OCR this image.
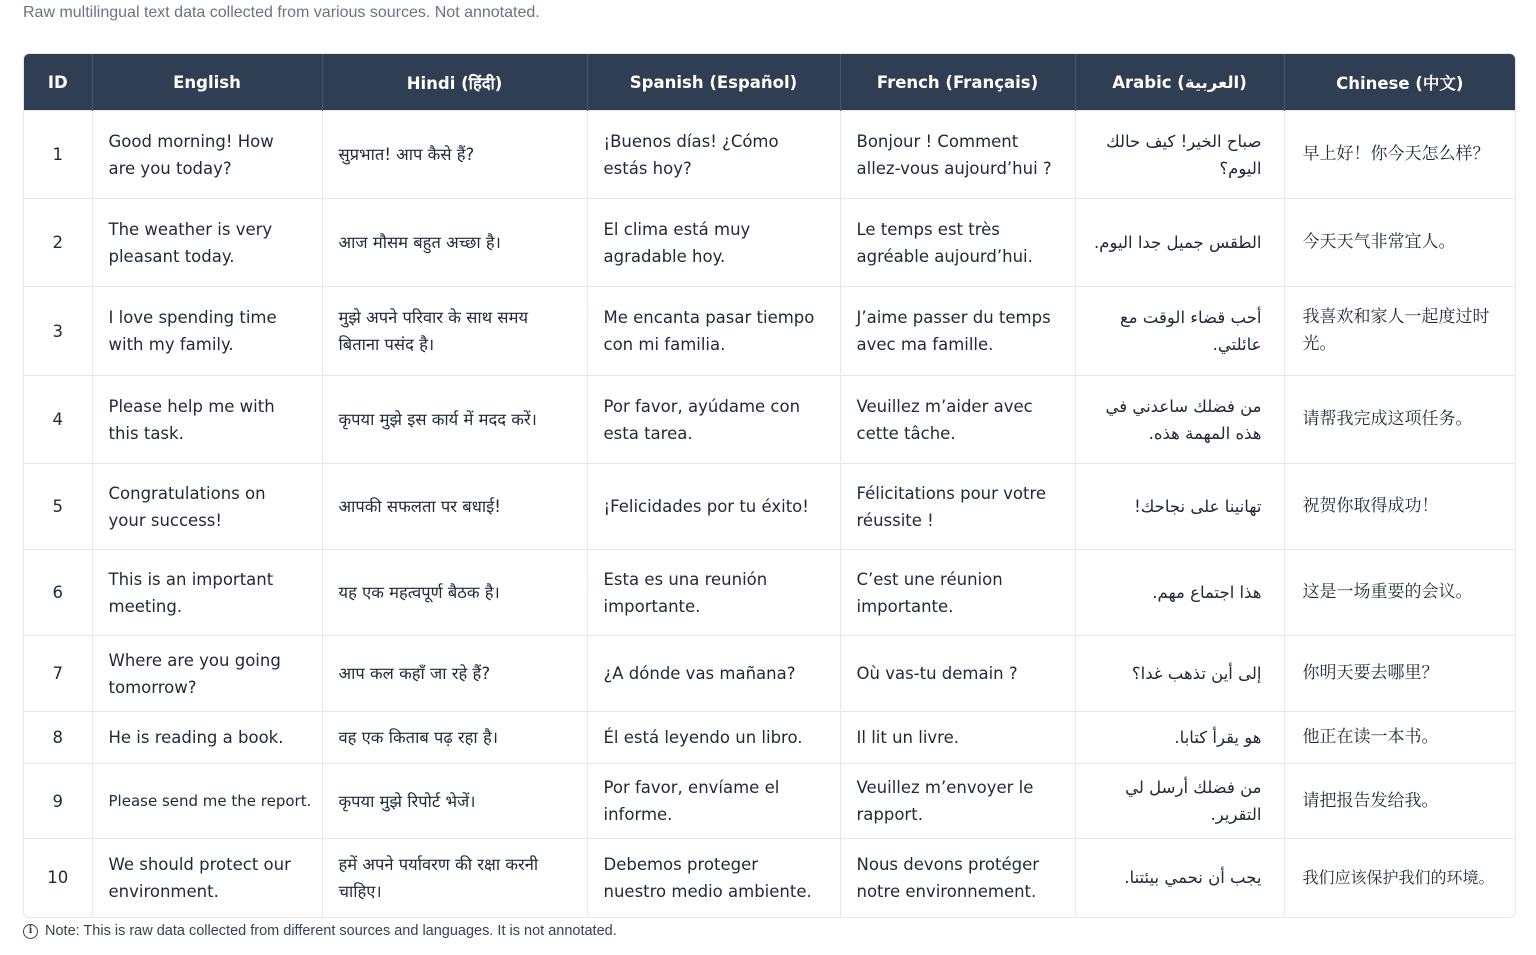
Raw multilingual text data collected from various sources. Not annotated.
ID	English	Hindi (हिंदी)	Spanish (Español)	French (Français)	Arabic (العربية)	Chinese (中文)
1	Good morning! How are you today?	सुप्रभात! आप कैसे हैं?	¡Buenos días! ¿Cómo estás hoy?	Bonjour ! Comment allez-vous aujourd’hui ?	صباح الخير! كيف حالك اليوم؟	早上好！你今天怎么样？
2	The weather is very pleasant today.	आज मौसम बहुत अच्छा है।	El clima está muy agradable hoy.	Le temps est très agréable aujourd’hui.	الطقس جميل جدا اليوم.	今天天气非常宜人。
3	I love spending time with my family.	मुझे अपने परिवार के साथ समय बिताना पसंद है।	Me encanta pasar tiempo con mi familia.	J’aime passer du temps avec ma famille.	أحب قضاء الوقت مع عائلتي.	我喜欢和家人一起度过时光。
4	Please help me with this task.	कृपया मुझे इस कार्य में मदद करें।	Por favor, ayúdame con esta tarea.	Veuillez m’aider avec cette tâche.	من فضلك ساعدني في هذه المهمة هذه.	请帮我完成这项任务。
5	Congratulations on your success!	आपकी सफलता पर बधाई!	¡Felicidades por tu éxito!	Félicitations pour votre réussite !	تهانينا على نجاحك!	祝贺你取得成功！
6	This is an important meeting.	यह एक महत्वपूर्ण बैठक है।	Esta es una reunión importante.	C’est une réunion importante.	هذا اجتماع مهم.	这是一场重要的会议。
7	Where are you going tomorrow?	आप कल कहाँ जा रहे हैं?	¿A dónde vas mañana?	Où vas-tu demain ?	إلى أين تذهب غدا؟	你明天要去哪里？
8	He is reading a book.	वह एक किताब पढ़ रहा है।	Él está leyendo un libro.	Il lit un livre.	هو يقرأ كتابا.	他正在读一本书。
9	Please send me the report.	कृपया मुझे रिपोर्ट भेजें।	Por favor, envíame el informe.	Veuillez m’envoyer le rapport.	من فضلك أرسل لي التقرير.	请把报告发给我。
10	We should protect our environment.	हमें अपने पर्यावरण की रक्षा करनी चाहिए।	Debemos proteger nuestro medio ambiente.	Nous devons protéger notre environnement.	يجب أن نحمي بيئتنا.	我们应该保护我们的环境。
i Note: This is raw data collected from different sources and languages. It is not annotated.
